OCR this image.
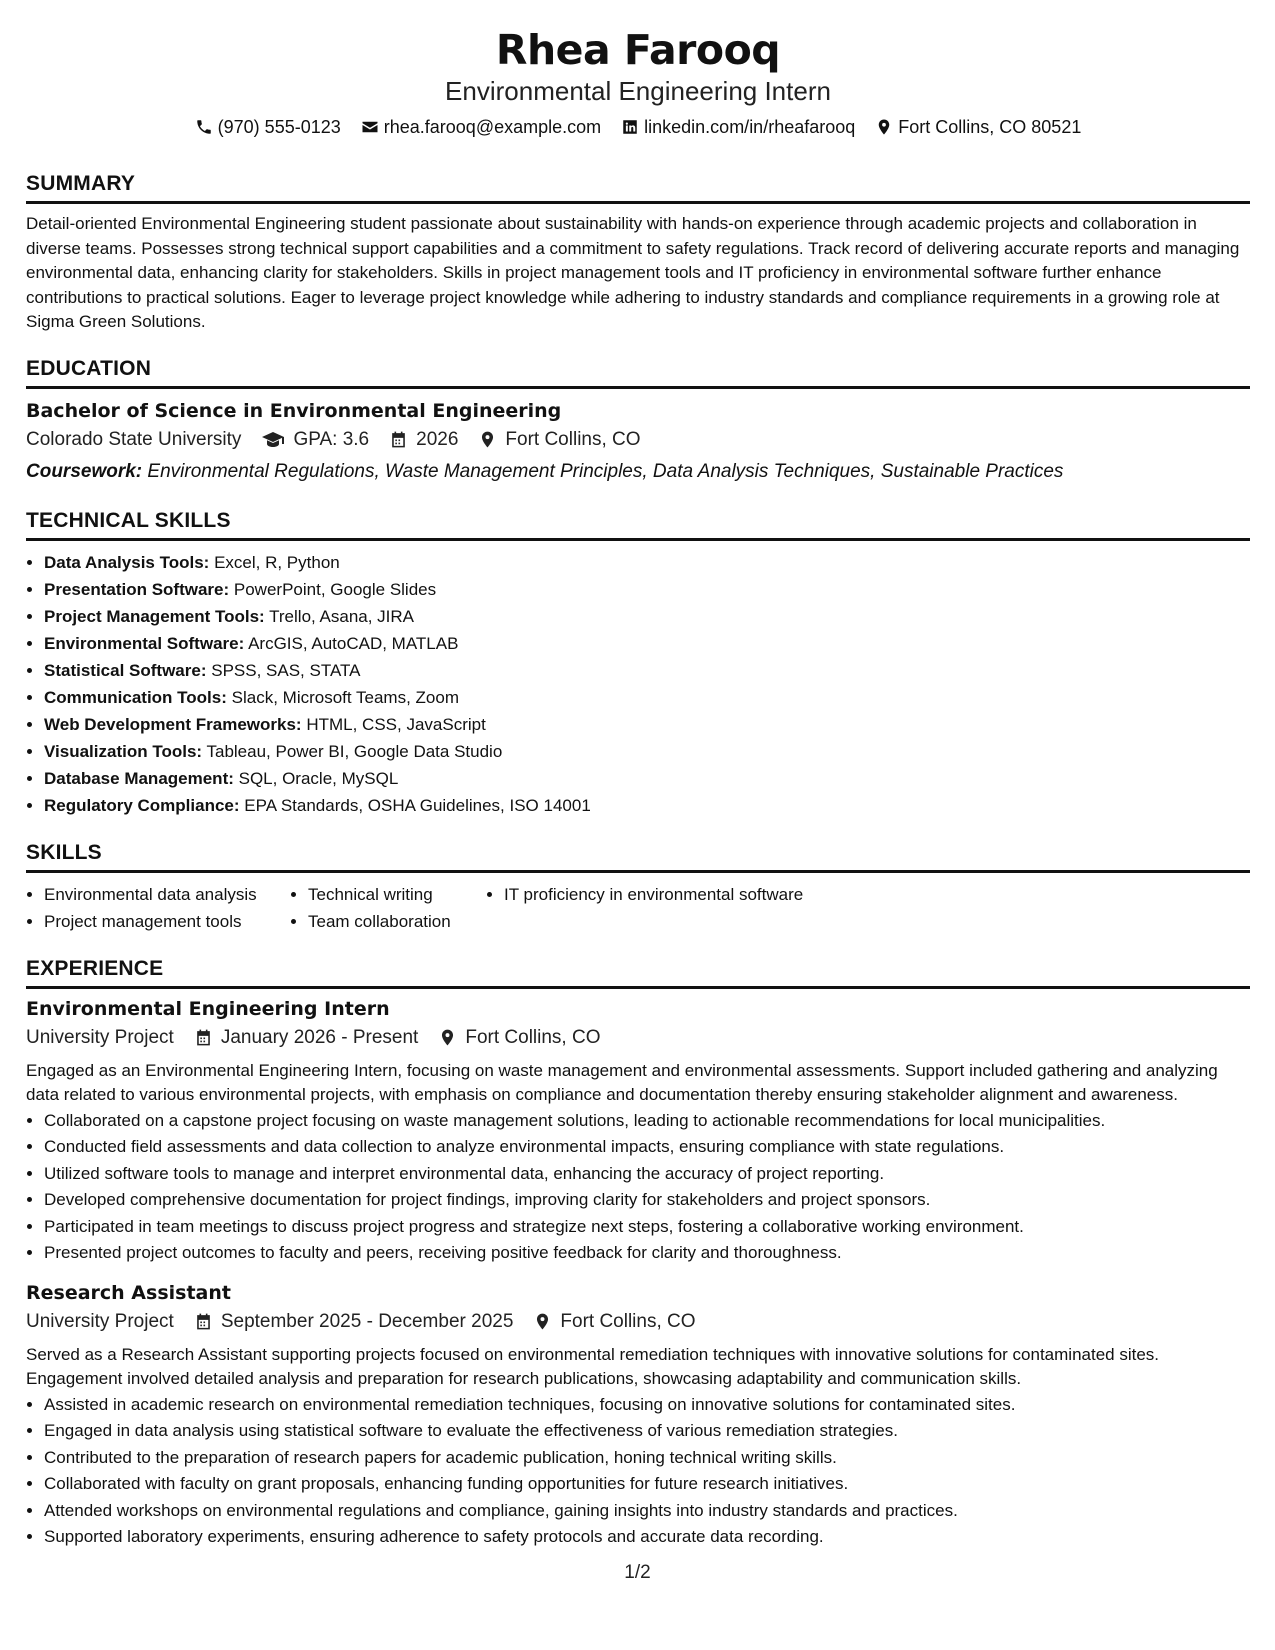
Rhea Farooq
Environmental Engineering Intern
(970) 555-0123 rhea.farooq@example.com linkedin.com/in/rheafarooq Fort Collins, CO 80521
SUMMARY

Detail-oriented Environmental Engineering student passionate about sustainability with hands-on experience through academic projects and collaboration in diverse teams. Possesses strong technical support capabilities and a commitment to safety regulations. Track record of delivering accurate reports and managing environmental data, enhancing clarity for stakeholders. Skills in project management tools and IT proficiency in environmental software further enhance contributions to practical solutions. Eager to leverage project knowledge while adhering to industry standards and compliance requirements in a growing role at Sigma Green Solutions.

EDUCATION
Bachelor of Science in Environmental Engineering
Colorado State University	GPA: 3.6 2026 Fort Collins, CO
Coursework: Environmental Regulations, Waste Management Principles, Data Analysis Techniques, Sustainable Practices
TECHNICAL SKILLS
• Data Analysis Tools: Excel, R, Python
• Presentation Software: PowerPoint, Google Slides
• Project Management Tools: Trello, Asana, JIRA
• Environmental Software: ArcGIS, AutoCAD, MATLAB
• Statistical Software: SPSS, SAS, STATA
• Communication Tools: Slack, Microsoft Teams, Zoom
• Web Development Frameworks: HTML, CSS, JavaScript
• Visualization Tools: Tableau, Power BI, Google Data Studio
• Database Management: SQL, Oracle, MySQL
• Regulatory Compliance: EPA Standards, OSHA Guidelines, ISO 14001
SKILLS
• Environmental data analysis
• Project management tools
• Technical writing
• Team collaboration
• IT proficiency in environmental software
EXPERIENCE
Environmental Engineering Intern
University Project January 2026 - Present Fort Collins, CO
Engaged as an Environmental Engineering Intern, focusing on waste management and environmental assessments. Support included gathering and analyzing data related to various environmental projects, with emphasis on compliance and documentation thereby ensuring stakeholder alignment and awareness.
• Collaborated on a capstone project focusing on waste management solutions, leading to actionable recommendations for local municipalities.
• Conducted field assessments and data collection to analyze environmental impacts, ensuring compliance with state regulations.
• Utilized software tools to manage and interpret environmental data, enhancing the accuracy of project reporting.
• Developed comprehensive documentation for project findings, improving clarity for stakeholders and project sponsors.
• Participated in team meetings to discuss project progress and strategize next steps, fostering a collaborative working environment.
• Presented project outcomes to faculty and peers, receiving positive feedback for clarity and thoroughness.
Research Assistant
University Project September 2025 - December 2025 Fort Collins, CO
Served as a Research Assistant supporting projects focused on environmental remediation techniques with innovative solutions for contaminated sites. Engagement involved detailed analysis and preparation for research publications, showcasing adaptability and communication skills.
• Assisted in academic research on environmental remediation techniques, focusing on innovative solutions for contaminated sites.
• Engaged in data analysis using statistical software to evaluate the effectiveness of various remediation strategies.
• Contributed to the preparation of research papers for academic publication, honing technical writing skills.
• Collaborated with faculty on grant proposals, enhancing funding opportunities for future research initiatives.
• Attended workshops on environmental regulations and compliance, gaining insights into industry standards and practices.
• Supported laboratory experiments, ensuring adherence to safety protocols and accurate data recording.
1/2
